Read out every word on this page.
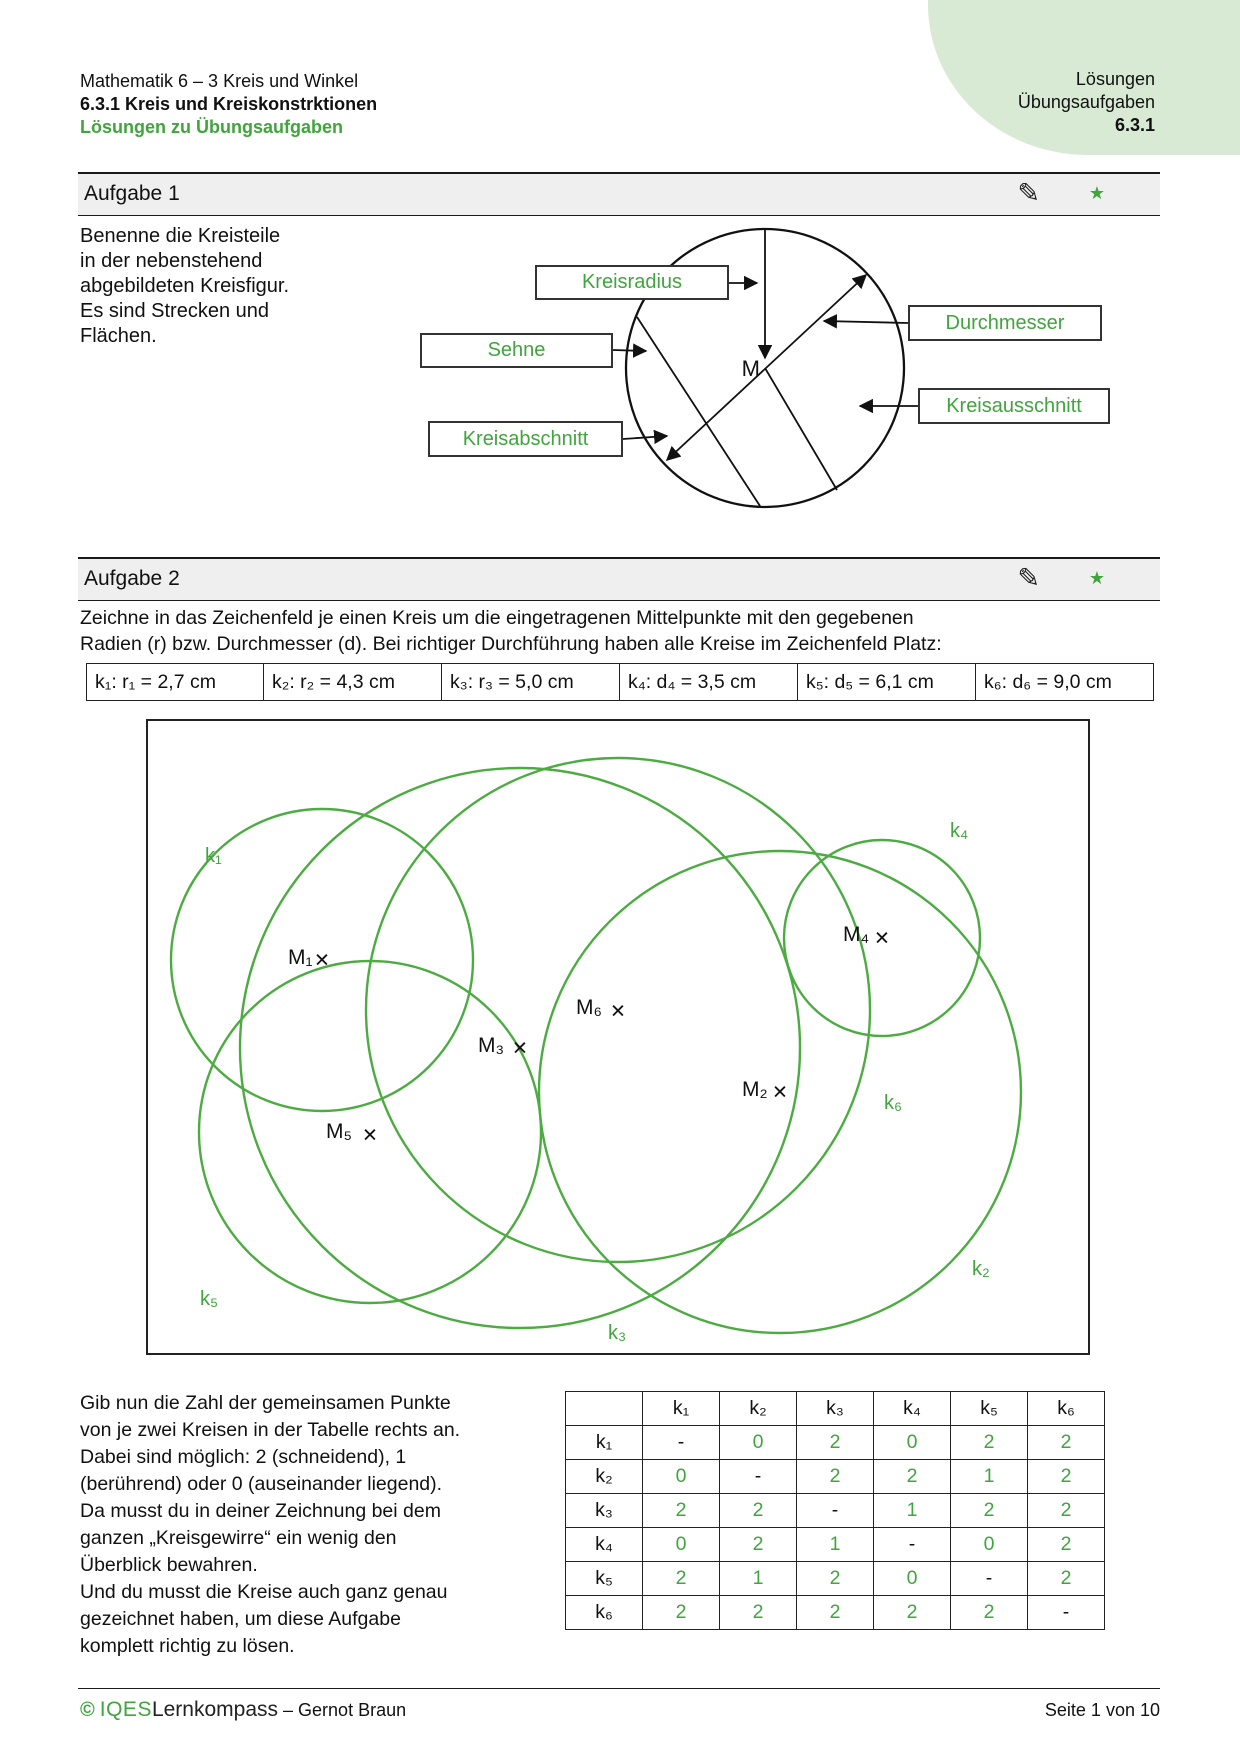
Lösungen
Übungsaufgaben
6.3.1
Mathematik 6 – 3 Kreis und Winkel
6.3.1 Kreis und Kreiskonstrktionen
Lösungen zu Übungsaufgaben
Aufgabe 1	✎	★
Benenne die Kreisteile
in der nebenstehend
abgebildeten Kreisfigur.
Es sind Strecken und
Flächen.
M
Kreisradius
Sehne
Kreisabschnitt
Durchmesser
Kreisausschnitt
Aufgabe 2	✎	★
Zeichne in das Zeichenfeld je einen Kreis um die eingetragenen Mittelpunkte mit den gegebenen
Radien (r) bzw. Durchmesser (d). Bei richtiger Durchführung haben alle Kreise im Zeichenfeld Platz:
k₁: r₁ = 2,7 cm	k₂: r₂ = 4,3 cm	k₃: r₃ = 5,0 cm	k₄: d₄ = 3,5 cm	k₅: d₅ = 6,1 cm	k₆: d₆ = 9,0 cm
k₁
k₂
k₃
k₄
k₅
k₆
M₁ ✕
M₂ ✕
M₃ ✕
M₄ ✕
M₅ ✕
M₆ ✕
Gib nun die Zahl der gemeinsamen Punkte
von je zwei Kreisen in der Tabelle rechts an.
Dabei sind möglich: 2 (schneidend), 1
(berührend) oder 0 (auseinander liegend).
Da musst du in deiner Zeichnung bei dem
ganzen „Kreisgewirre“ ein wenig den
Überblick bewahren.
Und du musst die Kreise auch ganz genau
gezeichnet haben, um diese Aufgabe
komplett richtig zu lösen.
	k₁	k₂	k₃	k₄	k₅	k₆
k₁	-	0	2	0	2	2
k₂	0	-	2	2	1	2
k₃	2	2	-	1	2	2
k₄	0	2	1	-	0	2
k₅	2	1	2	0	-	2
k₆	2	2	2	2	2	-
© IQESLernkompass – Gernot Braun	Seite 1 von 10
